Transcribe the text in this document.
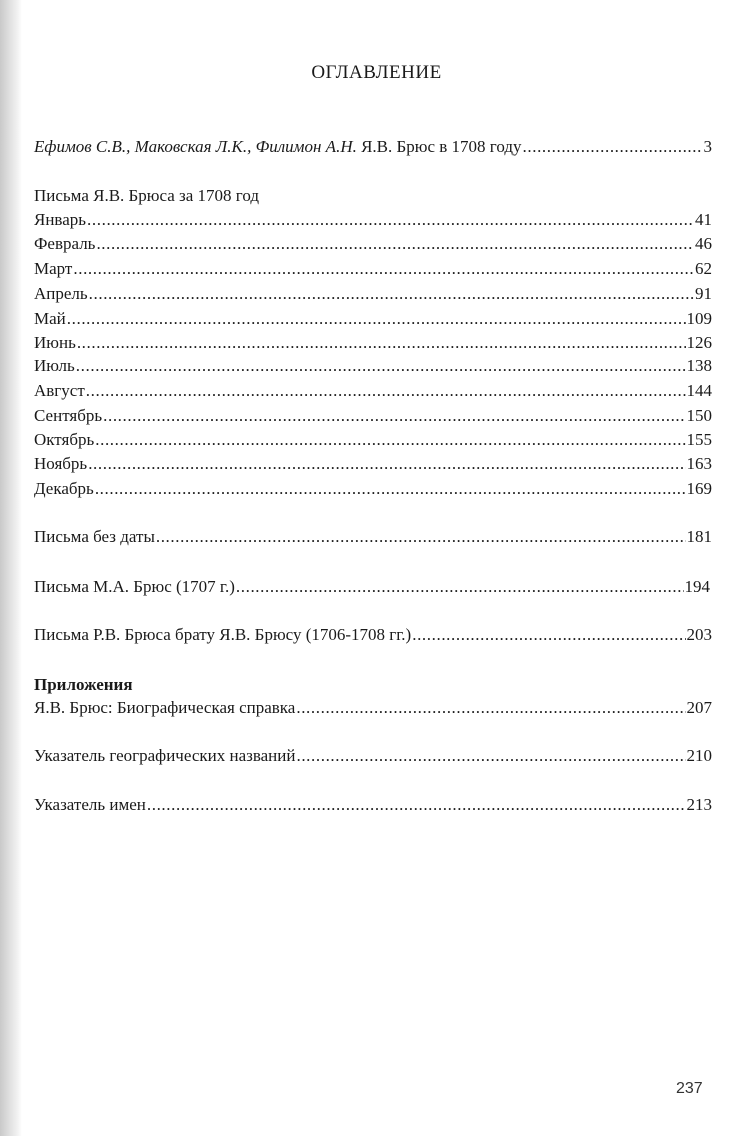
ОГЛАВЛЕНИЕ
Ефимов С.В., Маковская Л.К., Филимон А.Н. Я.В. Брюс в 1708 году .....	3
Письма Я.В. Брюса за 1708 год
Январь .....	41
Февраль .....	46
Март .....	62
Апрель .....	91
Май .....	109
Июнь .....	126
Июль .....	138
Август .....	144
Сентябрь .....	150
Октябрь .....	155
Ноябрь .....	163
Декабрь .....	169
Письма без даты .....	181
Письма М.А. Брюс (1707 г.) .....	194
Письма Р.В. Брюса брату Я.В. Брюсу (1706-1708 гг.) .....	203
Приложения
Я.В. Брюс: Биографическая справка .....	207
Указатель географических названий .....	210
Указатель имен .....	213
237
